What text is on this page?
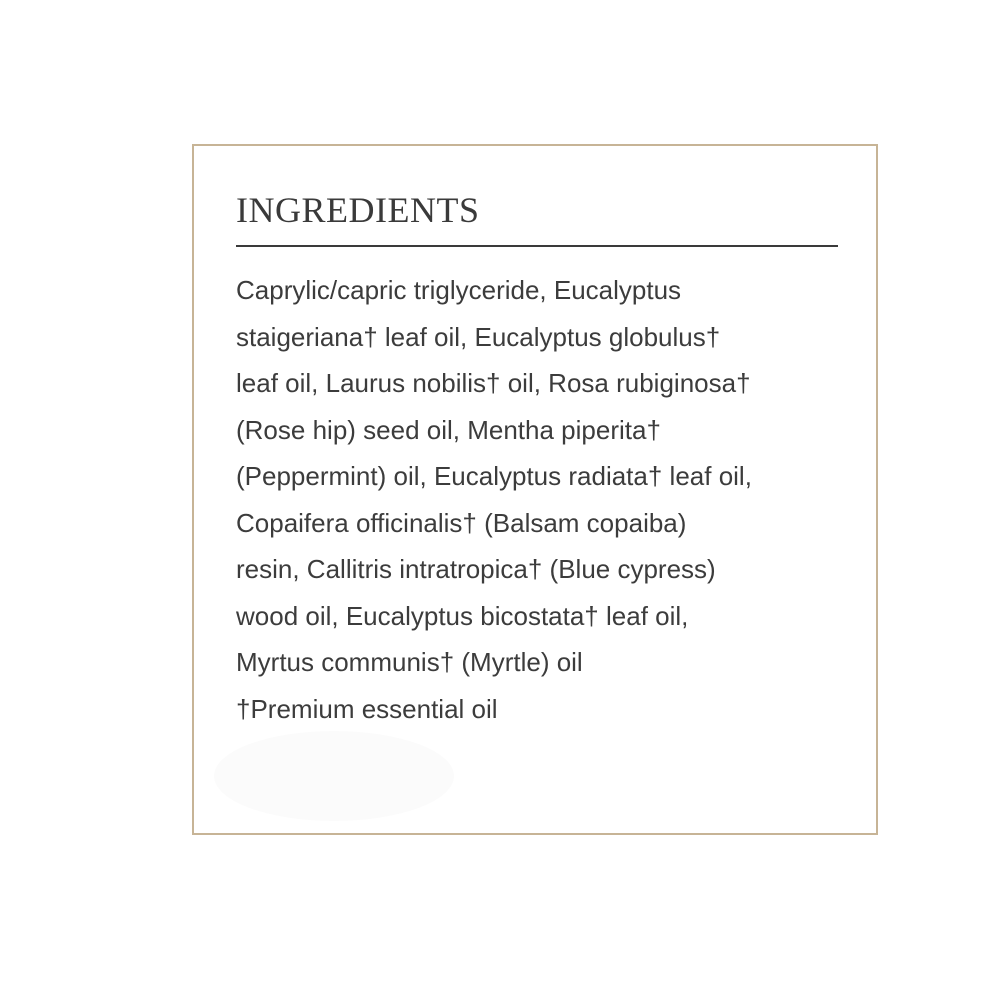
INGREDIENTS
Caprylic/capric triglyceride, Eucalyptus
staigeriana† leaf oil, Eucalyptus globulus†
leaf oil, Laurus nobilis† oil, Rosa rubiginosa†
(Rose hip) seed oil, Mentha piperita†
(Peppermint) oil, Eucalyptus radiata† leaf oil,
Copaifera officinalis† (Balsam copaiba)
resin, Callitris intratropica† (Blue cypress)
wood oil, Eucalyptus bicostata† leaf oil,
Myrtus communis† (Myrtle) oil
†Premium essential oil
